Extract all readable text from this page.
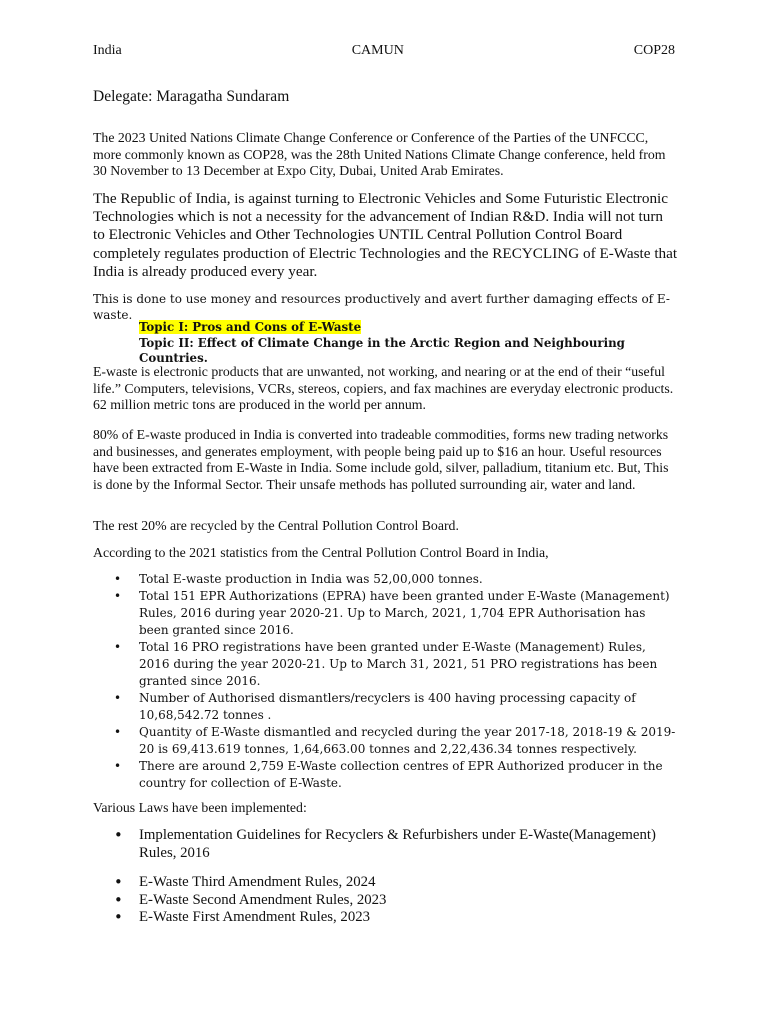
India	CAMUN	COP28
Delegate: Maragatha Sundaram

The 2023 United Nations Climate Change Conference or Conference of the Parties of the UNFCCC, more commonly known as COP28, was the 28th United Nations Climate Change conference, held from 30 November to 13 December at Expo City, Dubai, United Arab Emirates.

The Republic of India, is against turning to Electronic Vehicles and Some Futuristic Electronic Technologies which is not a necessity for the advancement of Indian R&D. India will not turn to Electronic Vehicles and Other Technologies UNTIL Central Pollution Control Board completely regulates production of Electric Technologies and the RECYCLING of E-Waste that India is already produced every year.

This is done to use money and resources productively and avert further damaging effects of E-waste.

Topic I: Pros and Cons of E-Waste
Topic II: Effect of Climate Change in the Arctic Region and Neighbouring Countries.

E-waste is electronic products that are unwanted, not working, and nearing or at the end of their “useful life.” Computers, televisions, VCRs, stereos, copiers, and fax machines are everyday electronic products. 62 million metric tons are produced in the world per annum.

80% of E-waste produced in India is converted into tradeable commodities, forms new trading networks and businesses, and generates employment, with people being paid up to $16 an hour. Useful resources have been extracted from E-Waste in India. Some include gold, silver, palladium, titanium etc. But, This is done by the Informal Sector. Their unsafe methods has polluted surrounding air, water and land.

The rest 20% are recycled by the Central Pollution Control Board.

According to the 2021 statistics from the Central Pollution Control Board in India,

• Total E-waste production in India was 52,00,000 tonnes.
• Total 151 EPR Authorizations (EPRA) have been granted under E-Waste (Management) Rules, 2016 during year 2020-21. Up to March, 2021, 1,704 EPR Authorisation has been granted since 2016.
• Total 16 PRO registrations have been granted under E-Waste (Management) Rules, 2016 during the year 2020-21. Up to March 31, 2021, 51 PRO registrations has been granted since 2016.
• Number of Authorised dismantlers/recyclers is 400 having processing capacity of 10,68,542.72 tonnes .
• Quantity of E-Waste dismantled and recycled during the year 2017-18, 2018-19 & 2019-20 is 69,413.619 tonnes, 1,64,663.00 tonnes and 2,22,436.34 tonnes respectively.
• There are around 2,759 E-Waste collection centres of EPR Authorized producer in the country for collection of E-Waste.

Various Laws have been implemented:

• Implementation Guidelines for Recyclers & Refurbishers under E-Waste(Management) Rules, 2016
• E-Waste Third Amendment Rules, 2024
• E-Waste Second Amendment Rules, 2023
• E-Waste First Amendment Rules, 2023
